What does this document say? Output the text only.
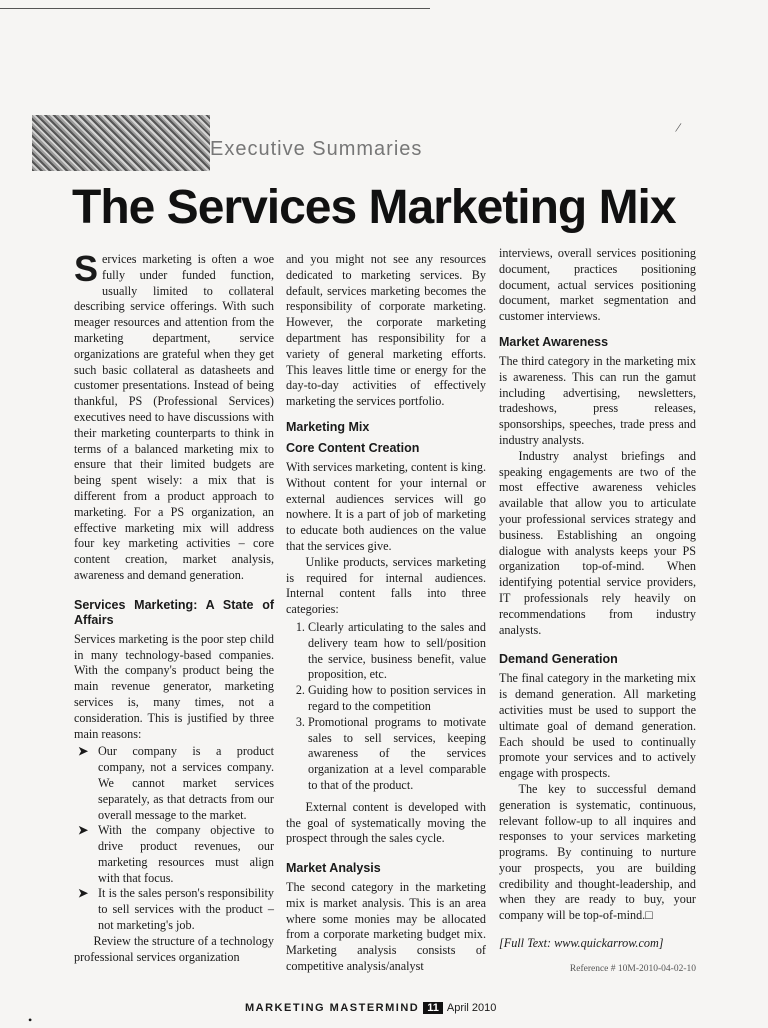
Executive Summaries
/
The Services Marketing Mix

Services marketing is often a woe fully under funded function, usually limited to collateral describing service offerings. With such meager resources and attention from the marketing department, service organizations are grateful when they get such basic collateral as datasheets and customer presentations. Instead of being thankful, PS (Professional Services) executives need to have discussions with their marketing counterparts to think in terms of a balanced marketing mix to ensure that their limited budgets are being spent wisely: a mix that is different from a product approach to marketing. For a PS organization, an effective marketing mix will address four key marketing activities – core content creation, market analysis, awareness and demand generation.

Services Marketing: A State of Affairs

Services marketing is the poor step child in many technology-based companies. With the company's product being the main revenue generator, marketing services is, many times, not a consideration. This is justified by three main reasons:

➤ Our company is a product company, not a services company. We cannot market services separately, as that detracts from our overall message to the market.
➤ With the company objective to drive product revenues, our marketing resources must align with that focus.
➤ It is the sales person's responsibility to sell services with the product – not marketing's job.

Review the structure of a technology professional services organization

and you might not see any resources dedicated to marketing services. By default, services marketing becomes the responsibility of corporate marketing. However, the corporate marketing department has responsibility for a variety of general marketing efforts. This leaves little time or energy for the day-to-day activities of effectively marketing the services portfolio.

Marketing Mix
Core Content Creation

With services marketing, content is king. Without content for your internal or external audiences services will go nowhere. It is a part of job of marketing to educate both audiences on the value that the services give.

Unlike products, services marketing is required for internal audiences. Internal content falls into three categories:

1. Clearly articulating to the sales and delivery team how to sell/position the service, business benefit, value proposition, etc.
2. Guiding how to position services in regard to the competition
3. Promotional programs to motivate sales to sell services, keeping awareness of the services organization at a level comparable to that of the product.

External content is developed with the goal of systematically moving the prospect through the sales cycle.

Market Analysis

The second category in the marketing mix is market analysis. This is an area where some monies may be allocated from a corporate marketing budget mix. Marketing analysis consists of competitive analysis/analyst

interviews, overall services positioning document, practices positioning document, actual services positioning document, market segmentation and customer interviews.

Market Awareness

The third category in the marketing mix is awareness. This can run the gamut including advertising, newsletters, tradeshows, press releases, sponsorships, speeches, trade press and industry analysts.

Industry analyst briefings and speaking engagements are two of the most effective awareness vehicles available that allow you to articulate your professional services strategy and business. Establishing an ongoing dialogue with analysts keeps your PS organization top-of-mind. When identifying potential service providers, IT professionals rely heavily on recommendations from industry analysts.

Demand Generation

The final category in the marketing mix is demand generation. All marketing activities must be used to support the ultimate goal of demand generation. Each should be used to continually promote your services and to actively engage with prospects.

The key to successful demand generation is systematic, continuous, relevant follow-up to all inquires and responses to your services marketing programs. By continuing to nurture your prospects, you are building credibility and thought-leadership, and when they are ready to buy, your company will be top-of-mind.□

[Full Text: www.quickarrow.com]

Reference # 10M-2010-04-02-10

•
MARKETING MASTERMIND 11 April 2010
